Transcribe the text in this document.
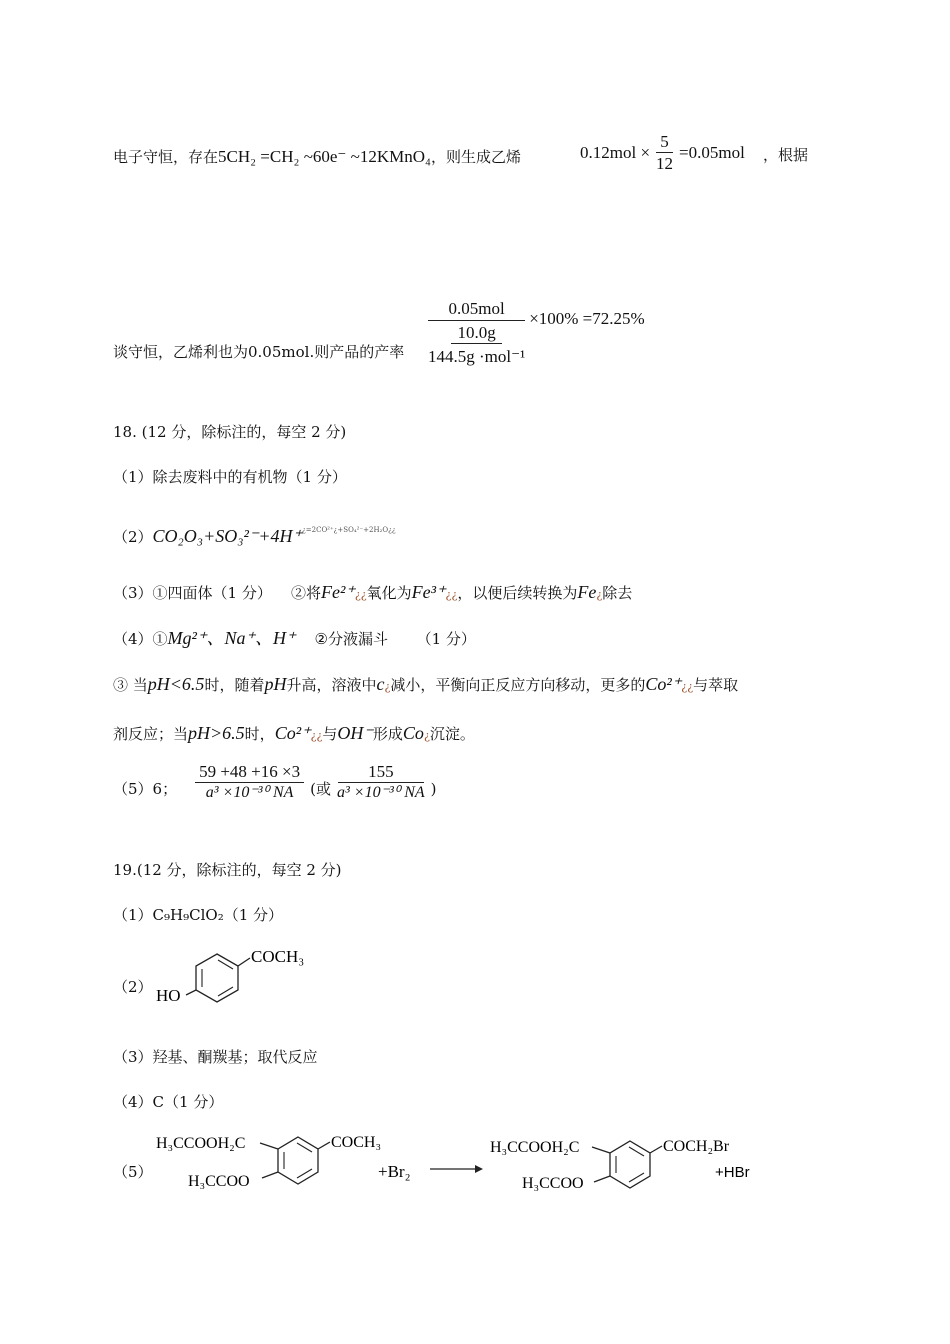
电子守恒，存在5CH₂ =CH₂ ~60e⁻ ~12KMnO₄，则生成乙烯	$0.12mol \times \frac{5}{12} =0.05mol$ ，根据
谈守恒，乙烯利也为0.05mol.则产品的产率
0.05mol
10.0g
144.5g ·mol⁻¹
×100% =72.25%
18. (12 分，除标注的，每空 2 分)
（1）除去废料中的有机物（1 分）
（2）CO₂O₃+SO₃²⁻+4H⁺$^{¿=2CO^{2+}¿+SO_4^{2-}+2H_2O¿¿}$
（3）①四面体（1 分） ②将Fe²⁺¿¿氧化为Fe³⁺¿¿，以便后续转换为Fe¿除去
（4）①Mg²⁺、Na⁺、H⁺ ②分液漏斗 （1 分）
③ 当pH<6.5时，随着pH升高，溶液中c¿减小，平衡向正反应方向移动，更多的Co²⁺¿¿与萃取
剂反应；当pH>6.5时，Co²⁺¿¿与OH⁻形成Co¿沉淀。
（5）6； $\frac{59 +48 +16 \times 3}{\text{a³ ×10⁻³⁰ NA}}$ (或 $\frac{155}{\text{a³ ×10⁻³⁰ NA}}$ )
19.(12 分，除标注的，每空 2 分)
（1）C₉H₉ClO₂（1 分）
（2）
COCH₃
HO
（3）羟基、酮羰基；取代反应
（4）C（1 分）
（5）
H₃CCOOH₂C	COCH₃
H₃CCOO
+Br₂
H₃CCOOH₂C	COCH₂Br
H₃CCOO
+HBr
